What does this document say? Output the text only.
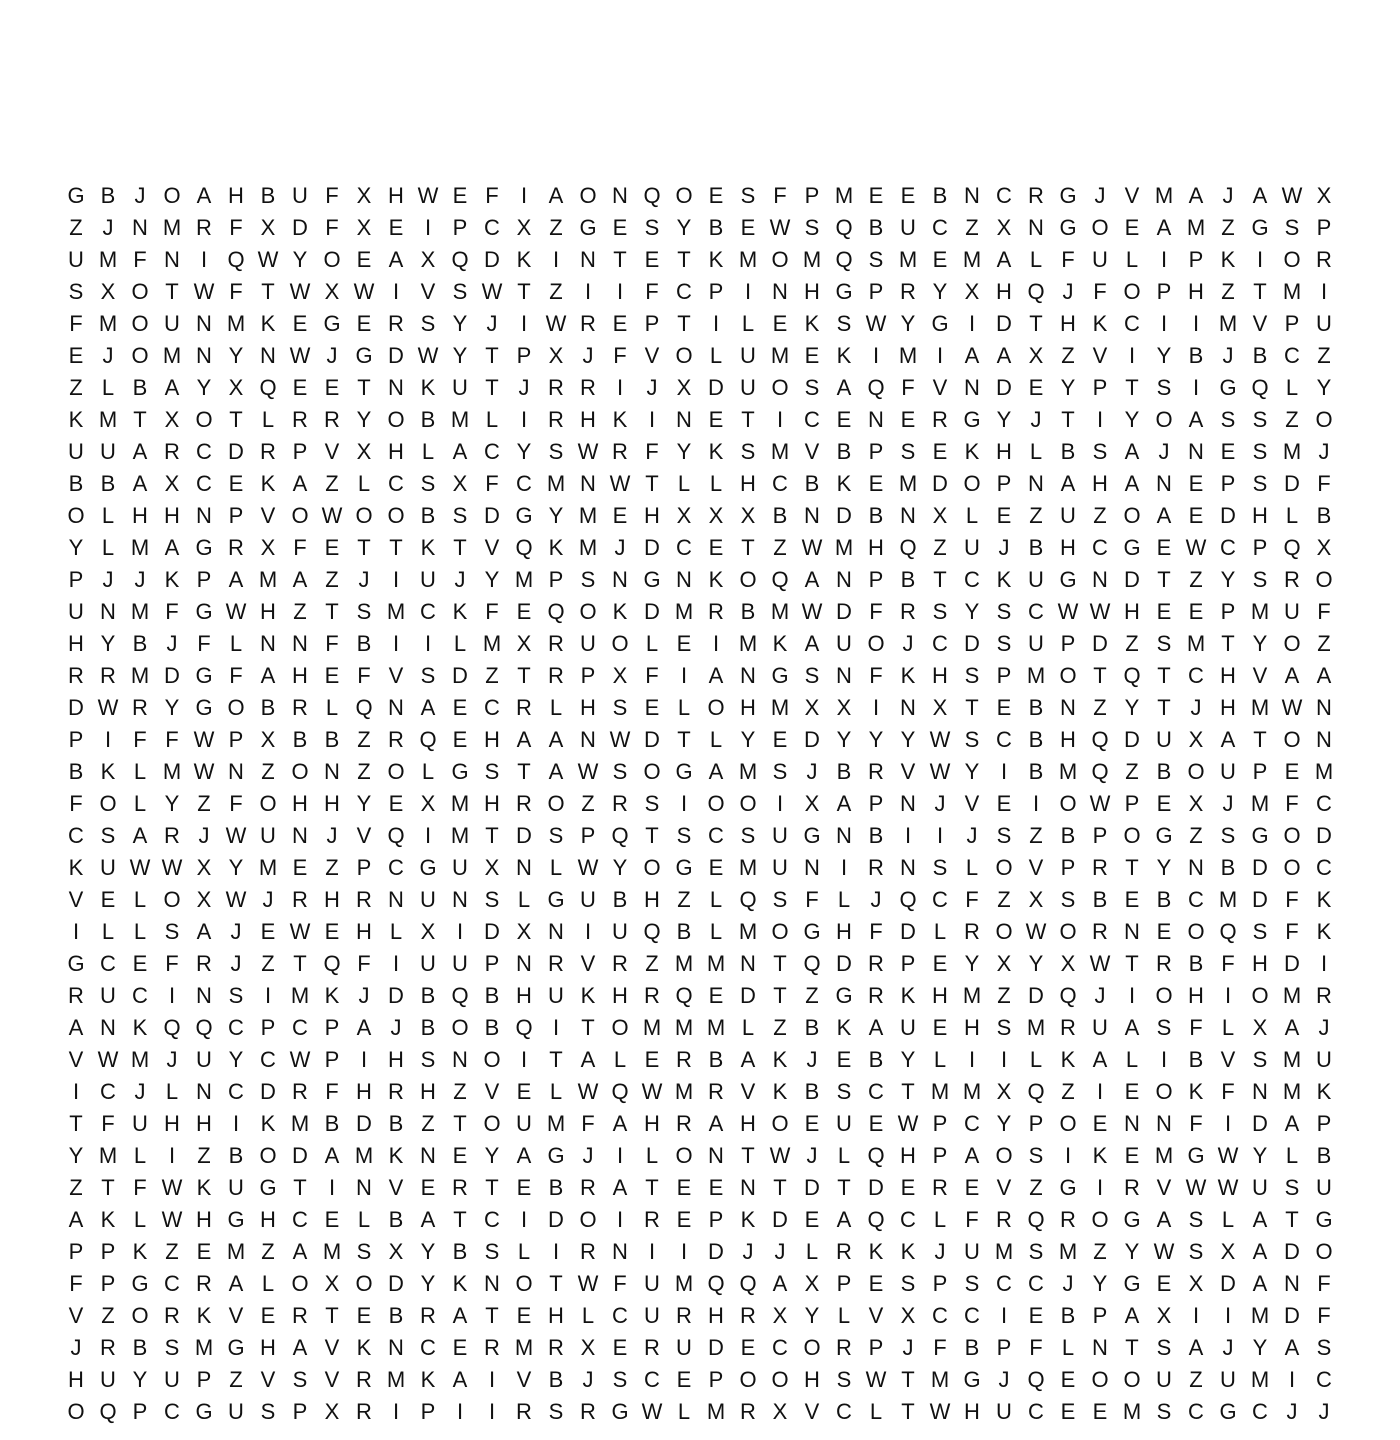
G B J O A H B U F X H W E F	I A O N Q O E S F P M E E B N C R G J V M A J A W X
Z J N M R F X D F X E I P C X Z G E S Y B E W S Q B U C Z X N G O E A M Z G S P
U M F N I Q W Y O E A X Q D K I N T E T K M O M Q S M E M A L F U L	I P K I O R
S X O T W F T W X W I V S W T Z	I	I	F C P I N H G P R Y X H Q J F O P H Z T M I
F M O U N M K E G E R S Y J	I W R E P T	I	L E K S W Y G I D T H K C I	I M V P U
E J O M N Y N W J G D W Y T P X J F V O L U M E K I M I A A X Z V I Y B J B C Z
Z L B A Y X Q E E T N K U T J R R I	J X D U O S A Q F V N D E Y P T S I G Q L Y
K M T X O T L R R Y O B M L	I R H K I N E T	I C E N E R G Y J T	I Y O A S S Z O
U U A R C D R P V X H L A C Y S W R F Y K S M V B P S E K H L B S A J N E S M J
B B A X C E K A Z L C S X F C M N W T L L H C B K E M D O P N A H A N E P S D F
O L H H N P V O W O O B S D G Y M E H X X X B N D B N X L E Z U Z O A E D H L B
Y L M A G R X F E T T K T V Q K M J D C E T Z W M H Q Z U J B H C G E W C P Q X
P J J K P A M A Z J	I U J Y M P S N G N K O Q A N P B T C K U G N D T Z Y S R O
U N M F G W H Z T S M C K F E Q O K D M R B M W D F R S Y S C W W H E E P M U F
H Y B J F L N N F B I	I	L M X R U O L E I M K A U O J C D S U P D Z S M T Y O Z
R R M D G F A H E F V S D Z T R P X F	I A N G S N F K H S P M O T Q T C H V A A
D W R Y G O B R L Q N A E C R L H S E L O H M X X I N X T E B N Z Y T J H M W N
P I	F F W P X B B Z R Q E H A A N W D T L Y E D Y Y Y W S C B H Q D U X A T O N
B K L M W N Z O N Z O L G S T A W S O G A M S J B R V W Y I B M Q Z B O U P E M
F O L Y Z F O H H Y E X M H R O Z R S I O O I X A P N J V E I O W P E X J M F C
C S A R J W U N J V Q I M T D S P Q T S C S U G N B I	I	J S Z B P O G Z S G O D
K U W W X Y M E Z P C G U X N L W Y O G E M U N I R N S L O V P R T Y N B D O C
V E L O X W J R H R N U N S L G U B H Z L Q S F L J Q C F Z X S B E B C M D F K
I	L L S A J E W E H L X I D X N I U Q B L M O G H F D L R O W O R N E O Q S F K
G C E F R J Z T Q F	I U U P N R V R Z M M N T Q D R P E Y X Y X W T R B F H D I
R U C I N S I M K J D B Q B H U K H R Q E D T Z G R K H M Z D Q J	I O H I O M R
A N K Q Q C P C P A J B O B Q I	T O M M M L Z B K A U E H S M R U A S F L X A J
V W M J U Y C W P I H S N O I	T A L E R B A K J E B Y L	I	I	L K A L	I B V S M U
I C J L N C D R F H R H Z V E L W Q W M R V K B S C T M M X Q Z	I E O K F N M K
T F U H H I K M B D B Z T O U M F A H R A H O E U E W P C Y P O E N N F	I D A P
Y M L	I	Z B O D A M K N E Y A G J	I	L O N T W J L Q H P A O S I K E M G W Y L B
Z T F W K U G T	I N V E R T E B R A T E E N T D T D E R E V Z G I R V W W U S U
A K L W H G H C E L B A T C I D O I R E P K D E A Q C L F R Q R O G A S L A T G
P P K Z E M Z A M S X Y B S L	I R N I	I D J J L R K K J U M S M Z Y W S X A D O
F P G C R A L O X O D Y K N O T W F U M Q Q A X P E S P S C C J Y G E X D A N F
V Z O R K V E R T E B R A T E H L C U R H R X Y L V X C C I E B P A X I	I M D F
J R B S M G H A V K N C E R M R X E R U D E C O R P J F B P F L N T S A J Y A S
H U Y U P Z V S V R M K A I V B J S C E P O O H S W T M G J Q E O O U Z U M I C
O Q P C G U S P X R I P I	I R S R G W L M R X V C L T W H U C E E M S C G C J J
